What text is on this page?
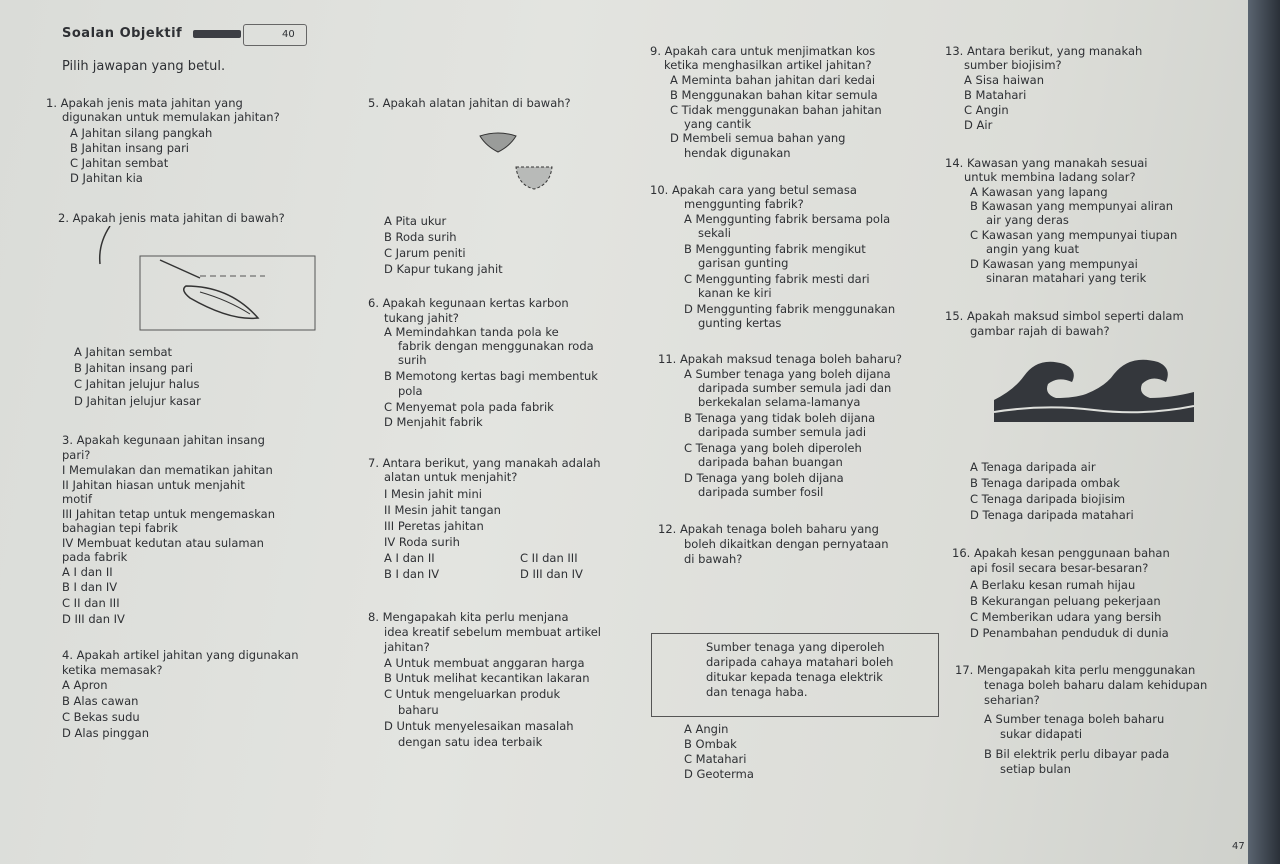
Soalan Objektif	40
Pilih jawapan yang betul.
1. Apakah jenis mata jahitan yang
digunakan untuk memulakan jahitan?
A Jahitan silang pangkah
B Jahitan insang pari
C Jahitan sembat
D Jahitan kia
2. Apakah jenis mata jahitan di bawah?
A Jahitan sembat
B Jahitan insang pari
C Jahitan jelujur halus
D Jahitan jelujur kasar
3. Apakah kegunaan jahitan insang
pari?
I Memulakan dan mematikan jahitan
II Jahitan hiasan untuk menjahit
motif
III Jahitan tetap untuk mengemaskan
bahagian tepi fabrik
IV Membuat kedutan atau sulaman
pada fabrik
A I dan II
B I dan IV
C II dan III
D III dan IV
4. Apakah artikel jahitan yang digunakan
ketika memasak?
A Apron
B Alas cawan
C Bekas sudu
D Alas pinggan
5. Apakah alatan jahitan di bawah?
A Pita ukur
B Roda surih
C Jarum peniti
D Kapur tukang jahit
6. Apakah kegunaan kertas karbon
tukang jahit?
A Memindahkan tanda pola ke
fabrik dengan menggunakan roda
surih
B Memotong kertas bagi membentuk
pola
C Menyemat pola pada fabrik
D Menjahit fabrik
7. Antara berikut, yang manakah adalah
alatan untuk menjahit?
I Mesin jahit mini
II Mesin jahit tangan
III Peretas jahitan
IV Roda surih
A I dan II	C II dan III
B I dan IV	D III dan IV
8. Mengapakah kita perlu menjana
idea kreatif sebelum membuat artikel
jahitan?
A Untuk membuat anggaran harga
B Untuk melihat kecantikan lakaran
C Untuk mengeluarkan produk
baharu
D Untuk menyelesaikan masalah
dengan satu idea terbaik
9. Apakah cara untuk menjimatkan kos
ketika menghasilkan artikel jahitan?
A Meminta bahan jahitan dari kedai
B Menggunakan bahan kitar semula
C Tidak menggunakan bahan jahitan
yang cantik
D Membeli semua bahan yang
hendak digunakan
10. Apakah cara yang betul semasa
menggunting fabrik?
A Menggunting fabrik bersama pola
sekali
B Menggunting fabrik mengikut
garisan gunting
C Menggunting fabrik mesti dari
kanan ke kiri
D Menggunting fabrik menggunakan
gunting kertas
11. Apakah maksud tenaga boleh baharu?
A Sumber tenaga yang boleh dijana
daripada sumber semula jadi dan
berkekalan selama-lamanya
B Tenaga yang tidak boleh dijana
daripada sumber semula jadi
C Tenaga yang boleh diperoleh
daripada bahan buangan
D Tenaga yang boleh dijana
daripada sumber fosil
12. Apakah tenaga boleh baharu yang
boleh dikaitkan dengan pernyataan
di bawah?
Sumber tenaga yang diperoleh
daripada cahaya matahari boleh
ditukar kepada tenaga elektrik
dan tenaga haba.
A Angin
B Ombak
C Matahari
D Geoterma
13. Antara berikut, yang manakah
sumber biojisim?
A Sisa haiwan
B Matahari
C Angin
D Air
14. Kawasan yang manakah sesuai
untuk membina ladang solar?
A Kawasan yang lapang
B Kawasan yang mempunyai aliran
air yang deras
C Kawasan yang mempunyai tiupan
angin yang kuat
D Kawasan yang mempunyai
sinaran matahari yang terik
15. Apakah maksud simbol seperti dalam
gambar rajah di bawah?
A Tenaga daripada air
B Tenaga daripada ombak
C Tenaga daripada biojisim
D Tenaga daripada matahari
16. Apakah kesan penggunaan bahan
api fosil secara besar-besaran?
A Berlaku kesan rumah hijau
B Kekurangan peluang pekerjaan
C Memberikan udara yang bersih
D Penambahan penduduk di dunia
17. Mengapakah kita perlu menggunakan
tenaga boleh baharu dalam kehidupan
seharian?
A Sumber tenaga boleh baharu
sukar didapati
B Bil elektrik perlu dibayar pada
setiap bulan
47
